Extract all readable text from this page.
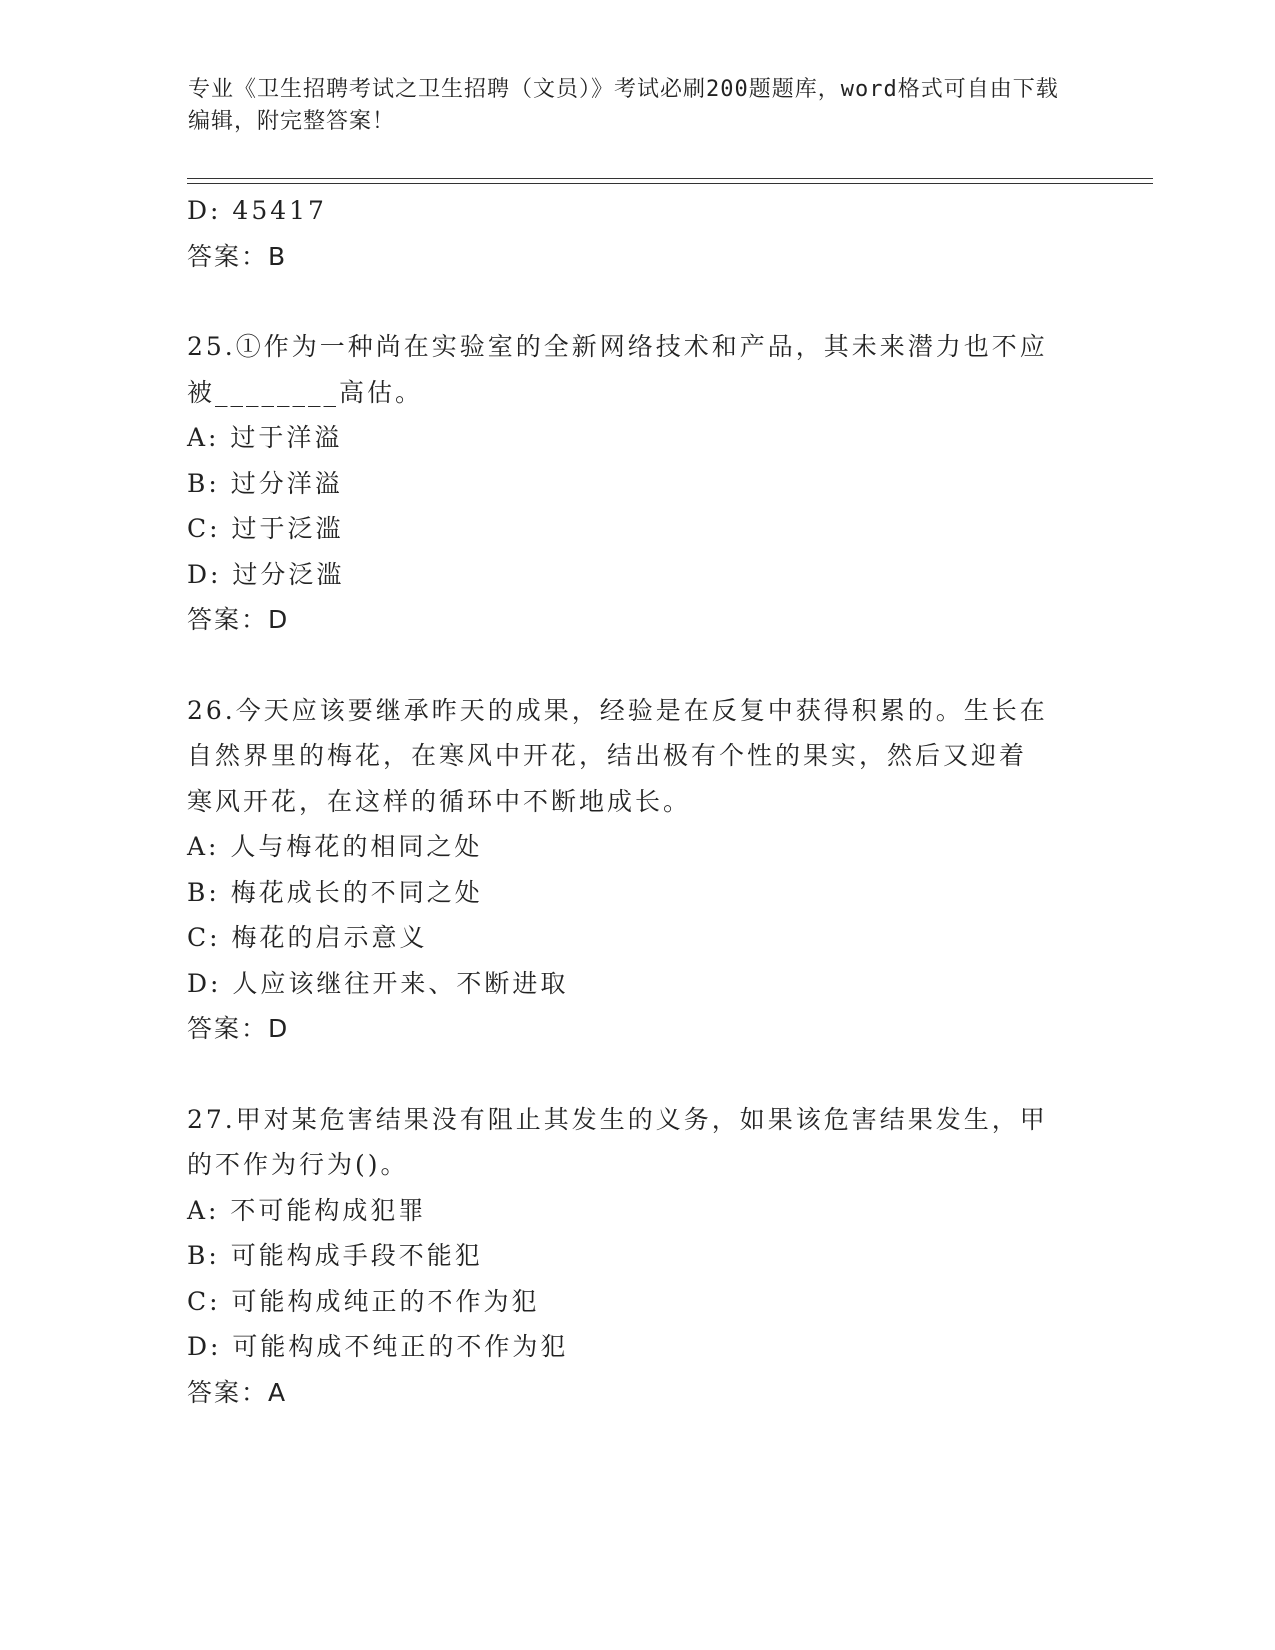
专业《卫生招聘考试之卫生招聘（文员）》考试必刷200题题库，word格式可自由下载编辑，附完整答案！
D: 45417
答案：B
25.①作为一种尚在实验室的全新网络技术和产品，其未来潜力也不应
被________高估。
A: 过于洋溢
B: 过分洋溢
C: 过于泛滥
D: 过分泛滥
答案：D
26.今天应该要继承昨天的成果，经验是在反复中获得积累的。生长在
自然界里的梅花，在寒风中开花，结出极有个性的果实，然后又迎着
寒风开花，在这样的循环中不断地成长。
A: 人与梅花的相同之处
B: 梅花成长的不同之处
C: 梅花的启示意义
D: 人应该继往开来、不断进取
答案：D
27.甲对某危害结果没有阻止其发生的义务，如果该危害结果发生，甲
的不作为行为()。
A: 不可能构成犯罪
B: 可能构成手段不能犯
C: 可能构成纯正的不作为犯
D: 可能构成不纯正的不作为犯
答案：A
